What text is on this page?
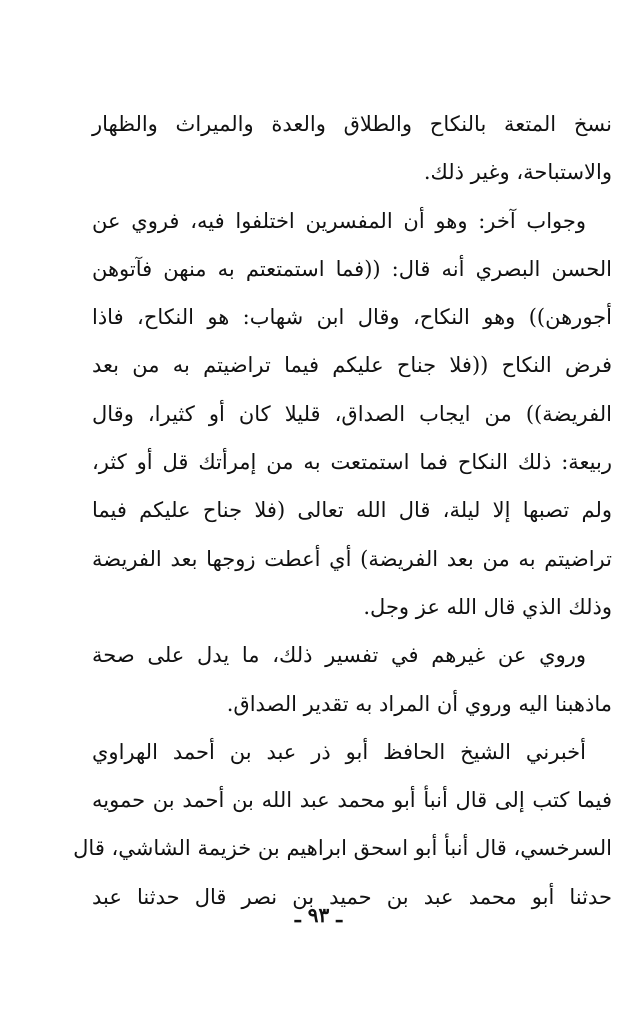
نسخ المتعة بالنكاح والطلاق والعدة والميراث والظهار
والاستباحة، وغير ذلك.
وجواب آخر: وهو أن المفسرين اختلفوا فيه، فروي عن
الحسن البصري أنه قال: ((فما استمتعتم به منهن فآتوهن
أجورهن)) وهو النكاح، وقال ابن شهاب: هو النكاح، فاذا
فرض النكاح ((فلا جناح عليكم فيما تراضيتم به من بعد
الفريضة)) من ايجاب الصداق، قليلا كان أو كثيرا، وقال
ربيعة: ذلك النكاح فما استمتعت به من إمرأتك قل أو كثر،
ولم تصبها إلا ليلة، قال الله تعالى (فلا جناح عليكم فيما
تراضيتم به من بعد الفريضة) أي أعطت زوجها بعد الفريضة
وذلك الذي قال الله عز وجل.
وروي عن غيرهم في تفسير ذلك، ما يدل على صحة
ماذهبنا اليه وروي أن المراد به تقدير الصداق.
أخبرني الشيخ الحافظ أبو ذر عبد بن أحمد الهراوي
فيما كتب إلى قال أنبأ أبو محمد عبد الله بن أحمد بن حمويه
السرخسي، قال أنبأ أبو اسحق ابراهيم بن خزيمة الشاشي، قال
حدثنا أبو محمد عبد بن حميد بن نصر قال حدثنا عبد
ـ ٩٣ ـ
